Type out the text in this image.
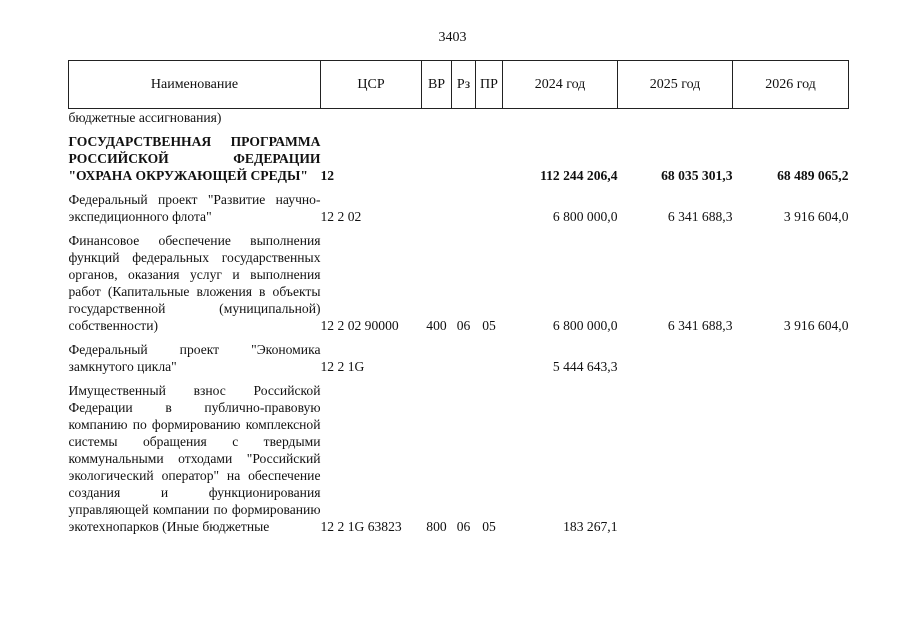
3403
Наименование	ЦСР	ВР	Рз	ПР	2024 год	2025 год	2026 год
бюджетные ассигнования)							

ГОСУДАРСТВЕННАЯ ПРОГРАММА РОССИЙСКОЙ ФЕДЕРАЦИИ "ОХРАНА ОКРУЖАЮЩЕЙ СРЕДЫ"	12				112 244 206,4	68 035 301,3	68 489 065,2

Федеральный проект "Развитие научно-экспедиционного флота"	12 2 02				6 800 000,0	6 341 688,3	3 916 604,0

Финансовое обеспечение выполнения функций федеральных государственных органов, оказания услуг и выполнения работ (Капитальные вложения в объекты государственной (муниципальной) собственности)	12 2 02 90000	400	06	05	6 800 000,0	6 341 688,3	3 916 604,0

Федеральный проект "Экономика замкнутого цикла"	12 2 1G				5 444 643,3		

Имущественный взнос Российской Федерации в публично-правовую компанию по формированию комплексной системы обращения с твердыми коммунальными отходами "Российский экологический оператор" на обеспечение создания и функционирования управляющей компании по формированию экотехнопарков (Иные бюджетные	12 2 1G 63823	800	06	05	183 267,1		
